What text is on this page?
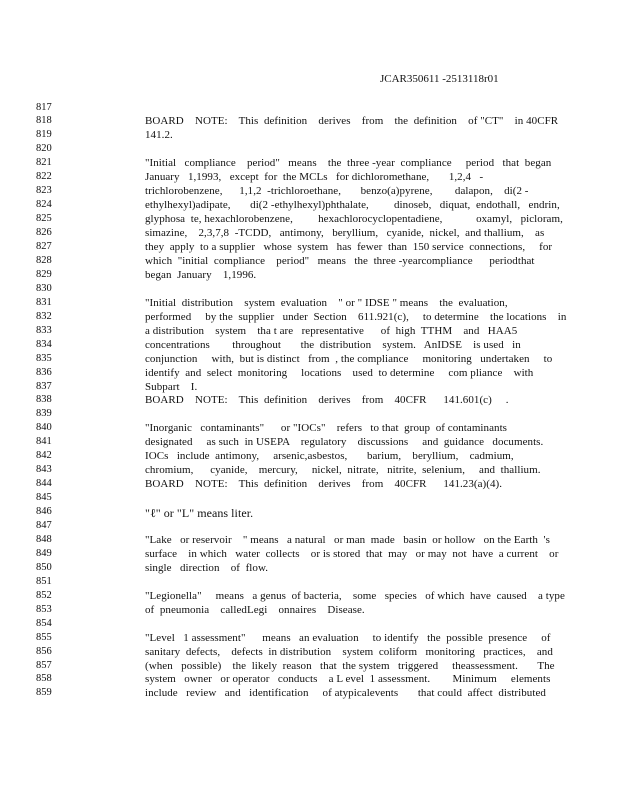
JCAR350611 -2513118r01
817
818	BOARD    NOTE:    This  definition    derives    from    the  definition    of "CT"    in 40CFR
819	141.2.
820
821	"Initial   compliance    period"   means    the  three -year  compliance     period   that  began
822	January   1,1993,   except  for  the MCLs   for dichloromethane,       1,2,4   -
823	trichlorobenzene,      1,1,2  -trichloroethane,       benzo(a)pyrene,        dalapon,    di(2 -
824	ethylhexyl)adipate,       di(2 -ethylhexyl)phthalate,         dinoseb,   diquat,  endothall,   endrin,
825	glyphosa  te, hexachlorobenzene,         hexachlorocyclopentadiene,            oxamyl,   picloram,
826	simazine,    2,3,7,8  -TCDD,   antimony,   beryllium,   cyanide,  nickel,  and thallium,    as
827	they  apply  to a supplier   whose  system   has  fewer  than  150 service  connections,     for
828	which  "initial  compliance    period"   means   the  three -yearcompliance      periodthat
829	began  January    1,1996.
830
831	"Initial  distribution    system  evaluation    " or " IDSE " means    the  evaluation,
832	performed     by the  supplier   under  Section    611.921(c),     to determine    the locations    in
833	a distribution    system    tha t are   representative      of  high  TTHM    and   HAA5
834	concentrations        throughout       the  distribution    system.   AnIDSE    is used   in
835	conjunction     with,  but is distinct   from  , the compliance     monitoring   undertaken     to
836	identify  and  select  monitoring     locations    used  to determine     com pliance    with
837	Subpart    I.
838	BOARD    NOTE:    This  definition    derives    from    40CFR      141.601(c)     .
839
840	"Inorganic   contaminants"      or "IOCs"    refers   to that  group  of contaminants
841	designated     as such  in USEPA    regulatory    discussions     and  guidance   documents.
842	IOCs   include  antimony,     arsenic,asbestos,       barium,    beryllium,    cadmium,
843	chromium,      cyanide,    mercury,     nickel,  nitrate,   nitrite,  selenium,     and  thallium.
844	BOARD    NOTE:    This  definition    derives    from    40CFR      141.23(a)(4).
845
846	"ℓ" or "L" means liter.
847
848	"Lake   or reservoir    " means   a natural   or man  made   basin  or hollow   on the Earth  's
849	surface    in which   water  collects    or is stored  that  may   or may  not  have  a current    or
850	single   direction    of  flow.
851
852	"Legionella"     means   a genus  of bacteria,    some   species   of which  have  caused    a type
853	of  pneumonia    calledLegi    onnaires    Disease.
854
855	"Level   1 assessment"      means   an evaluation     to identify   the  possible  presence     of
856	sanitary  defects,    defects  in distribution    system  coliform   monitoring   practices,    and
857	(when   possible)    the  likely  reason   that  the system   triggered     theassessment.       The
858	system   owner   or operator   conducts    a L evel  1 assessment.        Minimum     elements
859	include   review   and   identification     of atypicalevents       that could  affect  distributed
